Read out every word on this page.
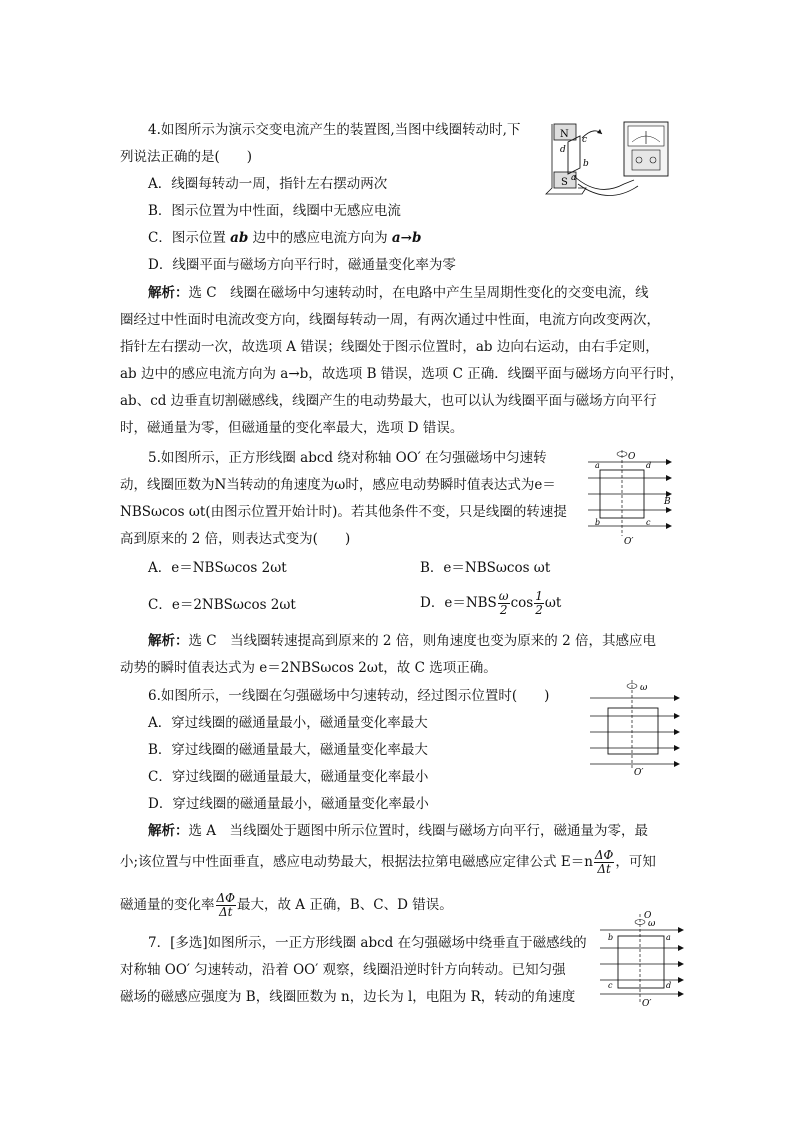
4.如图所示为演示交变电流产生的装置图,当图中线圈转动时,下
列说法正确的是(　　)
A．线圈每转动一周，指针左右摆动两次
B．图示位置为中性面，线圈中无感应电流
C．图示位置 ab 边中的感应电流方向为 a→b
D．线圈平面与磁场方向平行时，磁通量变化率为零
解析：选 C　线圈在磁场中匀速转动时，在电路中产生呈周期性变化的交变电流，线
圈经过中性面时电流改变方向，线圈每转动一周，有两次通过中性面，电流方向改变两次，
指针左右摆动一次，故选项 A 错误；线圈处于图示位置时，ab 边向右运动，由右手定则，
ab 边中的感应电流方向为 a→b，故选项 B 错误，选项 C 正确．线圈平面与磁场方向平行时，
ab、cd 边垂直切割磁感线，线圈产生的电动势最大，也可以认为线圈平面与磁场方向平行
时，磁通量为零，但磁通量的变化率最大，选项 D 错误。
N
S
d
a
b
c
5.如图所示，正方形线圈 abcd 绕对称轴 OO′ 在匀强磁场中匀速转
动，线圈匝数为N当转动的角速度为ω时，感应电动势瞬时值表达式为e＝
NBSωcos ωt(由图示位置开始计时)。若其他条件不变，只是线圈的转速提
高到原来的 2 倍，则表达式变为(　　)
A．e＝NBSωcos 2ωt	B．e＝NBSωcos ωt
C．e＝2NBSωcos 2ωt	D．$e=NBS \frac{\omega}{2}$ $\cos \frac{1}{2}$ ωt
解析：选 C　当线圈转速提高到原来的 2 倍，则角速度也变为原来的 2 倍，其感应电
动势的瞬时值表达式为 e＝2NBSωcos 2ωt，故 C 选项正确。
O
a	d
b	c
B
O′
6.如图所示，一线圈在匀强磁场中匀速转动，经过图示位置时(　　)
A．穿过线圈的磁通量最小，磁通量变化率最大
B．穿过线圈的磁通量最大，磁通量变化率最大
C．穿过线圈的磁通量最大，磁通量变化率最小
D．穿过线圈的磁通量最小，磁通量变化率最小
解析：选 A　当线圈处于题图中所示位置时，线圈与磁场方向平行，磁通量为零，最
小;该位置与中性面垂直，感应电动势最大，根据法拉第电磁感应定律公式 $E=n \frac{\Delta\Phi}{\Delta t}$ ，可知
磁通量的变化率 $\frac{\Delta\Phi}{\Delta t}$ 最大，故 A 正确，B、C、D 错误。
ω
O′
7．[多选]如图所示，一正方形线圈 abcd 在匀强磁场中绕垂直于磁感线的
对称轴 OO′ 匀速转动，沿着 OO′ 观察，线圈沿逆时针方向转动。已知匀强
磁场的磁感应强度为 B，线圈匝数为 n，边长为 l，电阻为 R，转动的角速度
O
ω
b	a
c	d
O′
